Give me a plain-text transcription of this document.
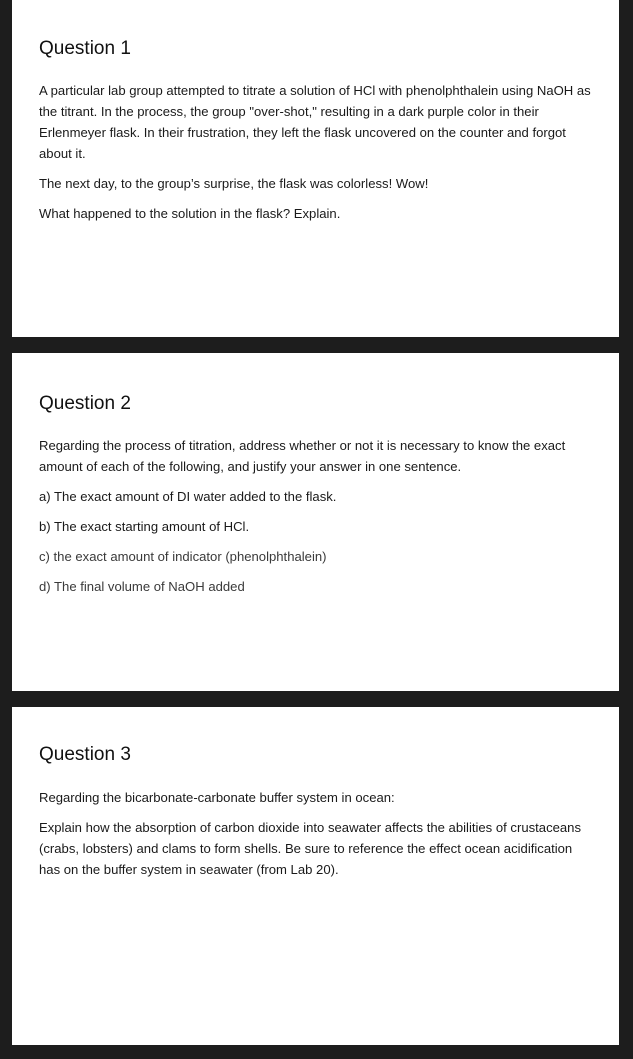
Question 1

A particular lab group attempted to titrate a solution of HCl with phenolphthalein using NaOH as the titrant. In the process, the group "over-shot," resulting in a dark purple color in their Erlenmeyer flask. In their frustration, they left the flask uncovered on the counter and forgot about it.

The next day, to the group’s surprise, the flask was colorless! Wow!

What happened to the solution in the flask? Explain.

Question 2

Regarding the process of titration, address whether or not it is necessary to know the exact amount of each of the following, and justify your answer in one sentence.

a) The exact amount of DI water added to the flask.

b) The exact starting amount of HCl.

c) the exact amount of indicator (phenolphthalein)

d) The final volume of NaOH added

Question 3

Regarding the bicarbonate-carbonate buffer system in ocean:

Explain how the absorption of carbon dioxide into seawater affects the abilities of crustaceans (crabs, lobsters) and clams to form shells. Be sure to reference the effect ocean acidification has on the buffer system in seawater (from Lab 20).
